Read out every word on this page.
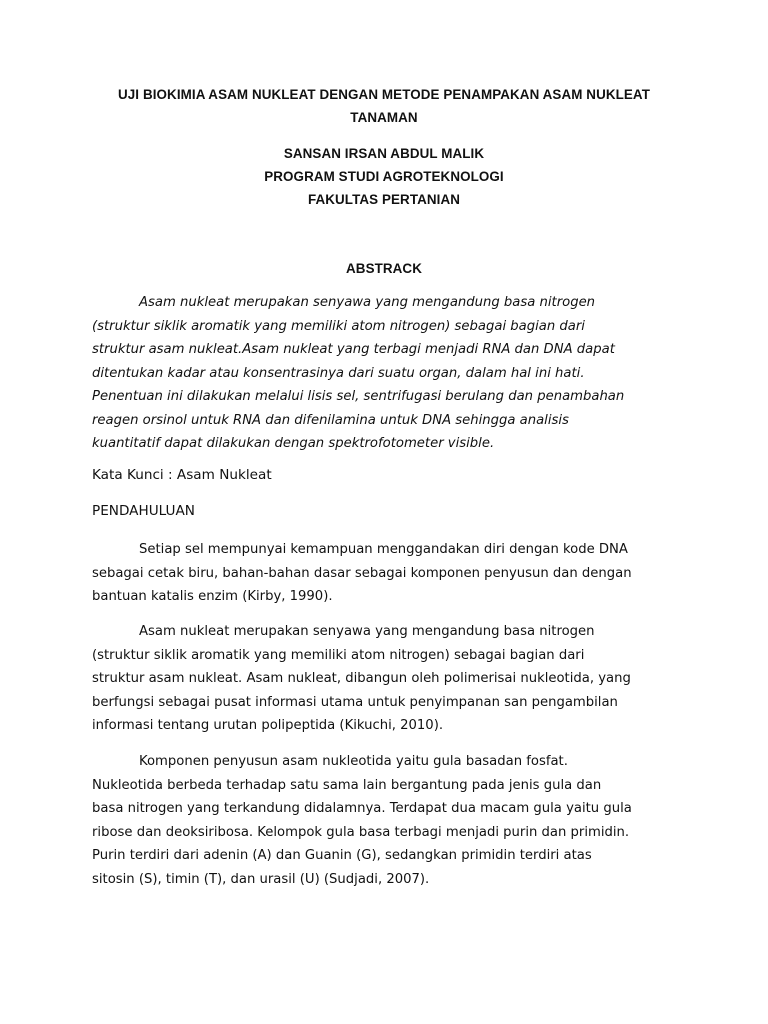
UJI BIOKIMIA ASAM NUKLEAT DENGAN METODE PENAMPAKAN ASAM NUKLEAT
TANAMAN
SANSAN IRSAN ABDUL MALIK
PROGRAM STUDI AGROTEKNOLOGI
FAKULTAS PERTANIAN
ABSTRACK
Asam nukleat merupakan senyawa yang mengandung basa nitrogen
(struktur siklik aromatik yang memiliki atom nitrogen) sebagai bagian dari
struktur asam nukleat.Asam nukleat yang terbagi menjadi RNA dan DNA dapat
ditentukan kadar atau konsentrasinya dari suatu organ, dalam hal ini hati.
Penentuan ini dilakukan melalui lisis sel, sentrifugasi berulang dan penambahan
reagen orsinol untuk RNA dan difenilamina untuk DNA sehingga analisis
kuantitatif dapat dilakukan dengan spektrofotometer visible.
Kata Kunci : Asam Nukleat
PENDAHULUAN
Setiap sel mempunyai kemampuan menggandakan diri dengan kode DNA
sebagai cetak biru, bahan-bahan dasar sebagai komponen penyusun dan dengan
bantuan katalis enzim (Kirby, 1990).
Asam nukleat merupakan senyawa yang mengandung basa nitrogen
(struktur siklik aromatik yang memiliki atom nitrogen) sebagai bagian dari
struktur asam nukleat. Asam nukleat, dibangun oleh polimerisai nukleotida, yang
berfungsi sebagai pusat informasi utama untuk penyimpanan san pengambilan
informasi tentang urutan polipeptida (Kikuchi, 2010).
Komponen penyusun asam nukleotida yaitu gula basadan fosfat.
Nukleotida berbeda terhadap satu sama lain bergantung pada jenis gula dan
basa nitrogen yang terkandung didalamnya. Terdapat dua macam gula yaitu gula
ribose dan deoksiribosa. Kelompok gula basa terbagi menjadi purin dan primidin.
Purin terdiri dari adenin (A) dan Guanin (G), sedangkan primidin terdiri atas
sitosin (S), timin (T), dan urasil (U) (Sudjadi, 2007).
